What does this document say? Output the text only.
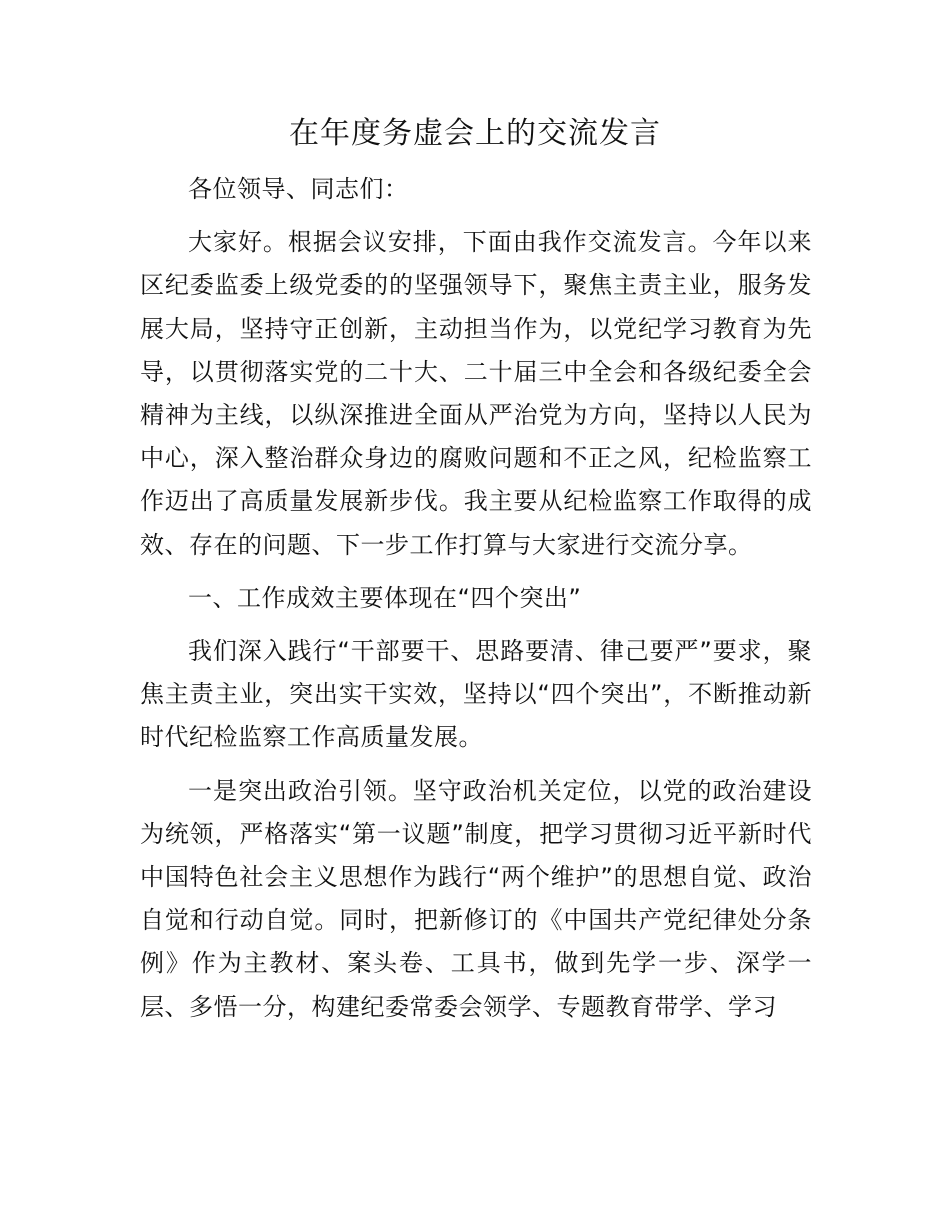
在年度务虚会上的交流发言

各位领导、同志们：

大家好。根据会议安排，下面由我作交流发言。今年以来区纪委监委上级党委的的坚强领导下，聚焦主责主业，服务发展大局，坚持守正创新，主动担当作为，以党纪学习教育为先导，以贯彻落实党的二十大、二十届三中全会和各级纪委全会精神为主线，以纵深推进全面从严治党为方向，坚持以人民为中心，深入整治群众身边的腐败问题和不正之风，纪检监察工作迈出了高质量发展新步伐。我主要从纪检监察工作取得的成效、存在的问题、下一步工作打算与大家进行交流分享。

一、工作成效主要体现在“四个突出”

我们深入践行“干部要干、思路要清、律己要严”要求，聚焦主责主业，突出实干实效，坚持以“四个突出”，不断推动新时代纪检监察工作高质量发展。

一是突出政治引领。坚守政治机关定位，以党的政治建设为统领，严格落实“第一议题”制度，把学习贯彻习近平新时代中国特色社会主义思想作为践行“两个维护”的思想自觉、政治自觉和行动自觉。同时，把新修订的《中国共产党纪律处分条例》作为主教材、案头卷、工具书，做到先学一步、深学一层、多悟一分，构建纪委常委会领学、专题教育带学、学习
